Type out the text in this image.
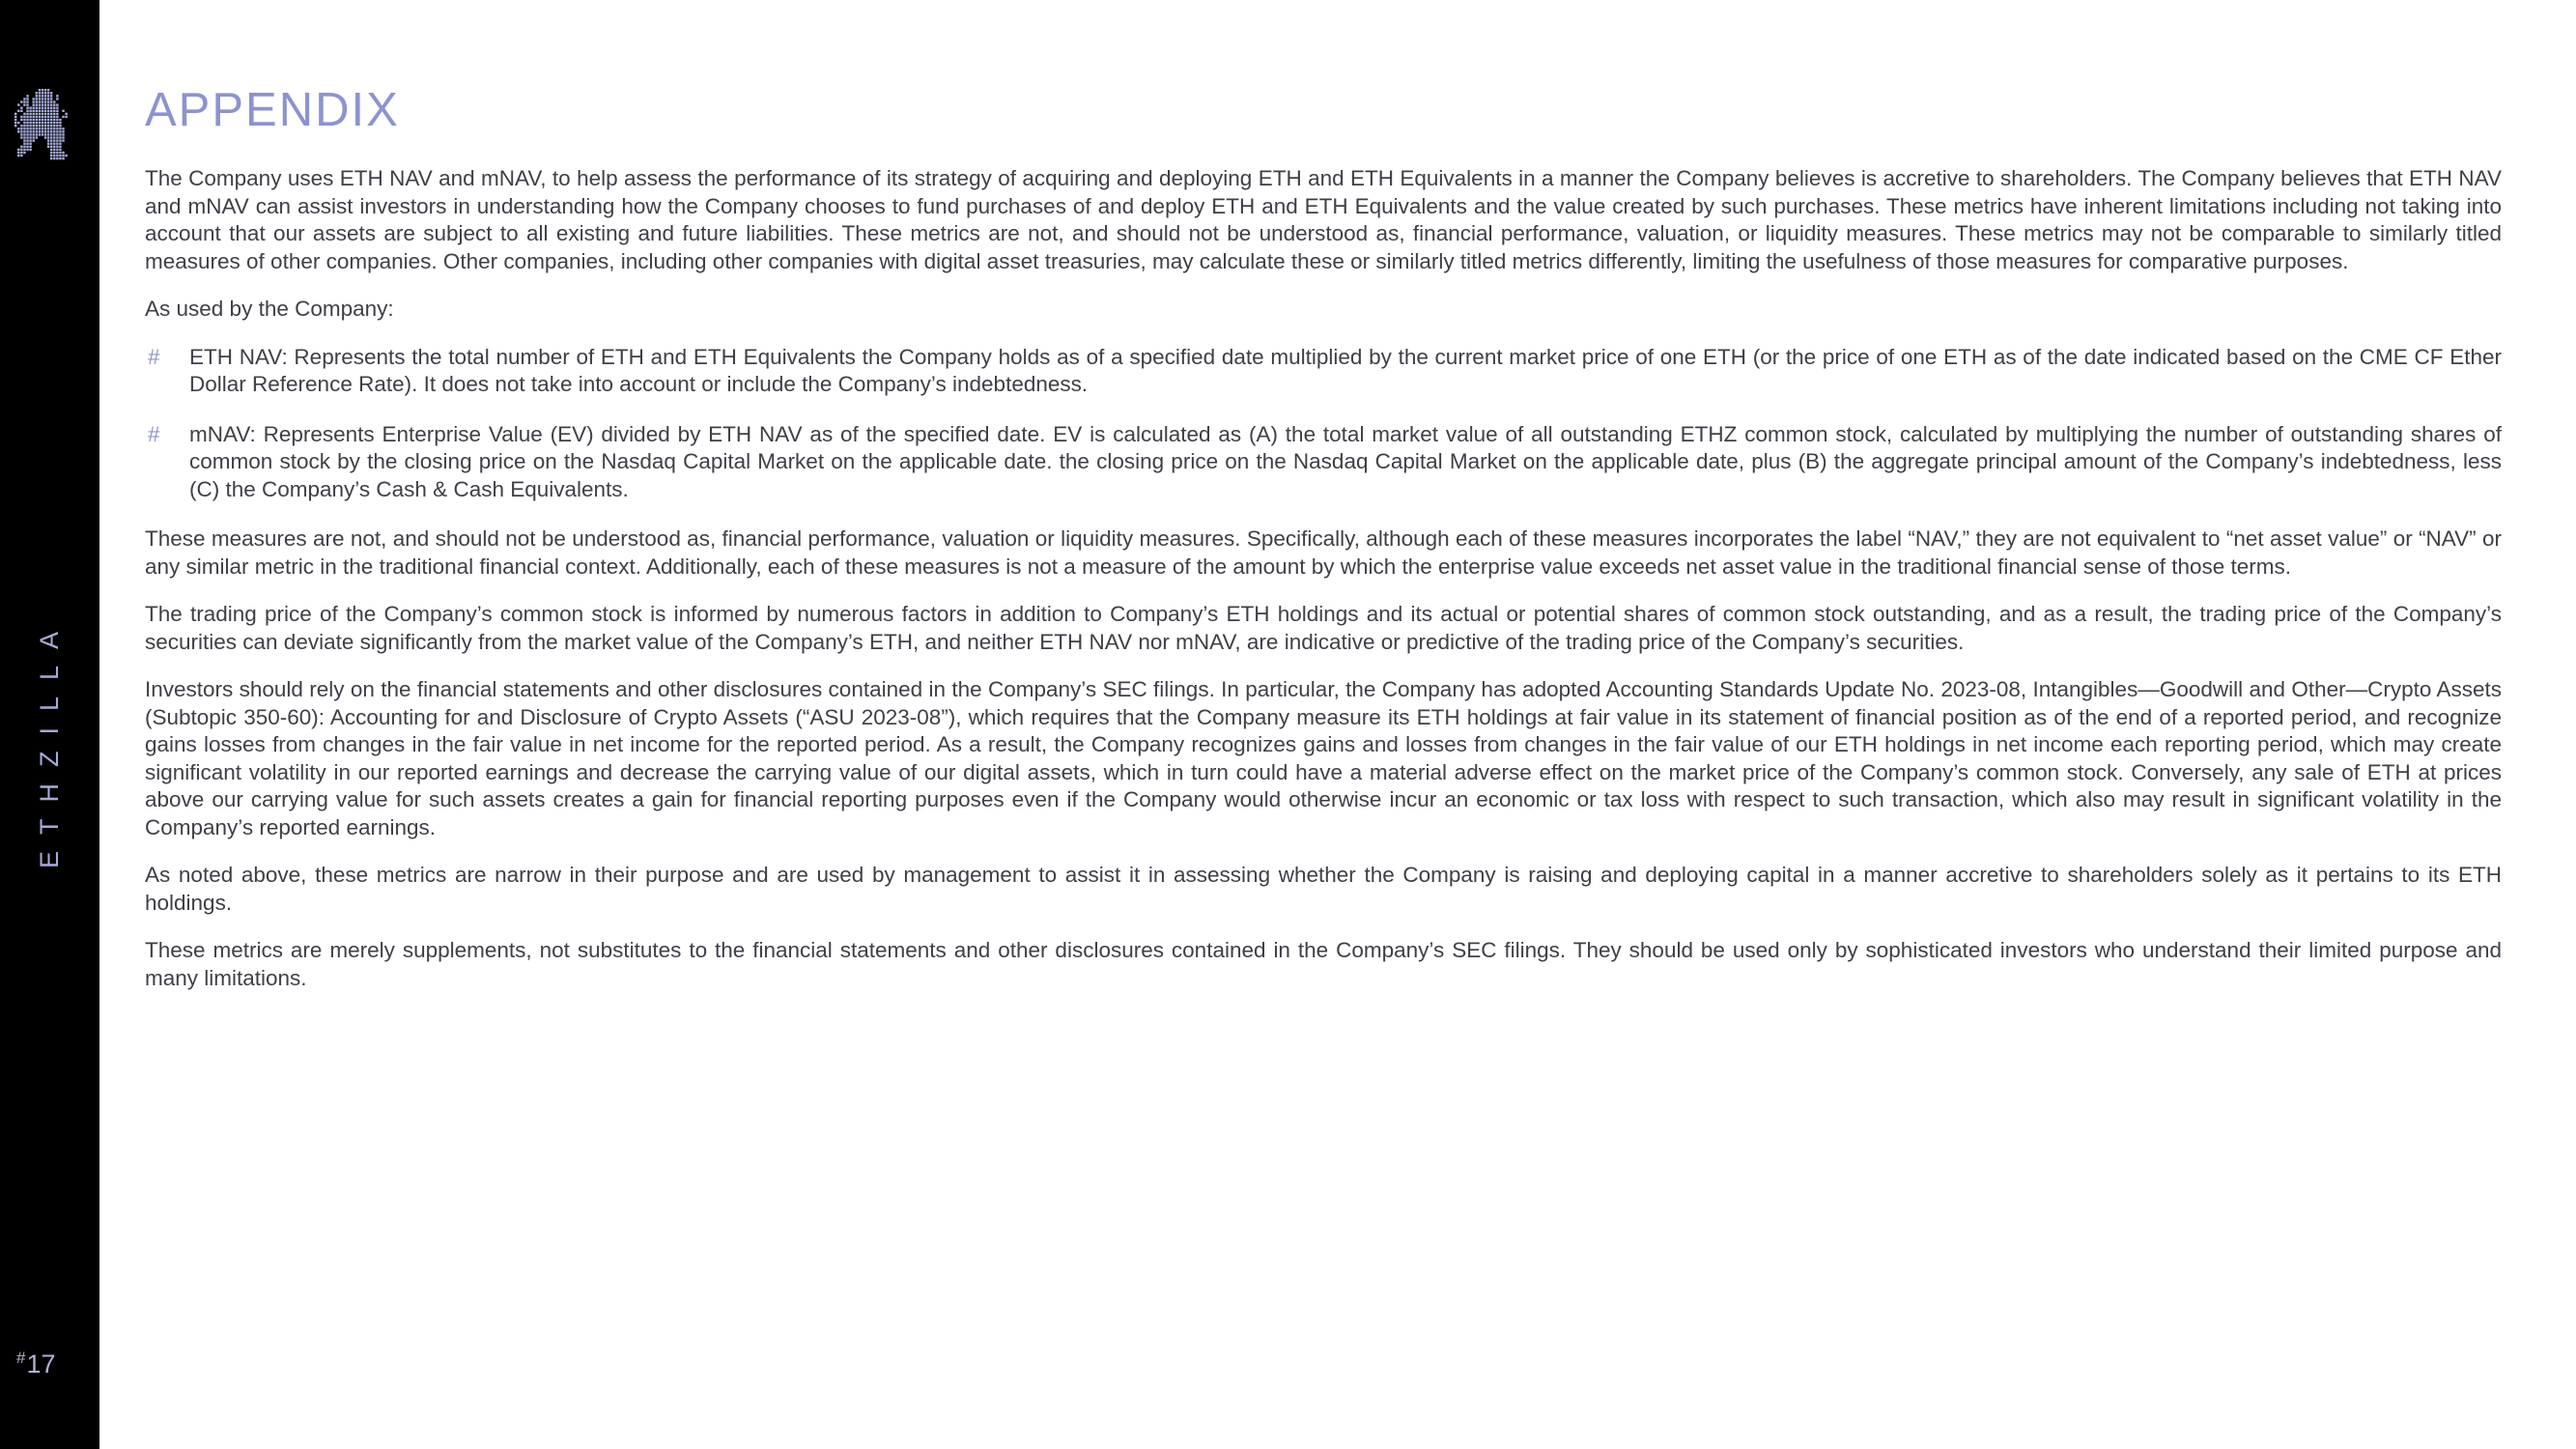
ETHZILLA
#17
APPENDIX

The Company uses ETH NAV and mNAV, to help assess the performance of its strategy of acquiring and deploying ETH and ETH Equivalents in a manner the Company believes is accretive to shareholders. The Company believes that ETH NAV and mNAV can assist investors in understanding how the Company chooses to fund purchases of and deploy ETH and ETH Equivalents and the value created by such purchases. These metrics have inherent limitations including not taking into account that our assets are subject to all existing and future liabilities. These metrics are not, and should not be understood as, financial performance, valuation, or liquidity measures. These metrics may not be comparable to similarly titled measures of other companies. Other companies, including other companies with digital asset treasuries, may calculate these or similarly titled metrics differently, limiting the usefulness of those measures for comparative purposes.

As used by the Company:

#	ETH NAV: Represents the total number of ETH and ETH Equivalents the Company holds as of a specified date multiplied by the current market price of one ETH (or the price of one ETH as of the date indicated based on the CME CF Ether Dollar Reference Rate). It does not take into account or include the Company’s indebtedness.
#	mNAV: Represents Enterprise Value (EV) divided by ETH NAV as of the specified date. EV is calculated as (A) the total market value of all outstanding ETHZ common stock, calculated by multiplying the number of outstanding shares of common stock by the closing price on the Nasdaq Capital Market on the applicable date. the closing price on the Nasdaq Capital Market on the applicable date, plus (B) the aggregate principal amount of the Company’s indebtedness, less (C) the Company’s Cash & Cash Equivalents.

These measures are not, and should not be understood as, financial performance, valuation or liquidity measures. Specifically, although each of these measures incorporates the label “NAV,” they are not equivalent to “net asset value” or “NAV” or any similar metric in the traditional financial context. Additionally, each of these measures is not a measure of the amount by which the enterprise value exceeds net asset value in the traditional financial sense of those terms.

The trading price of the Company’s common stock is informed by numerous factors in addition to Company’s ETH holdings and its actual or potential shares of common stock outstanding, and as a result, the trading price of the Company’s securities can deviate significantly from the market value of the Company’s ETH, and neither ETH NAV nor mNAV, are indicative or predictive of the trading price of the Company’s securities.

Investors should rely on the financial statements and other disclosures contained in the Company’s SEC filings. In particular, the Company has adopted Accounting Standards Update No. 2023-08, Intangibles—Goodwill and Other—Crypto Assets (Subtopic 350-60): Accounting for and Disclosure of Crypto Assets (“ASU 2023-08”), which requires that the Company measure its ETH holdings at fair value in its statement of financial position as of the end of a reported period, and recognize gains losses from changes in the fair value in net income for the reported period. As a result, the Company recognizes gains and losses from changes in the fair value of our ETH holdings in net income each reporting period, which may create significant volatility in our reported earnings and decrease the carrying value of our digital assets, which in turn could have a material adverse effect on the market price of the Company’s common stock. Conversely, any sale of ETH at prices above our carrying value for such assets creates a gain for financial reporting purposes even if the Company would otherwise incur an economic or tax loss with respect to such transaction, which also may result in significant volatility in the Company’s reported earnings.

As noted above, these metrics are narrow in their purpose and are used by management to assist it in assessing whether the Company is raising and deploying capital in a manner accretive to shareholders solely as it pertains to its ETH holdings.

These metrics are merely supplements, not substitutes to the financial statements and other disclosures contained in the Company’s SEC filings. They should be used only by sophisticated investors who understand their limited purpose and many limitations.
